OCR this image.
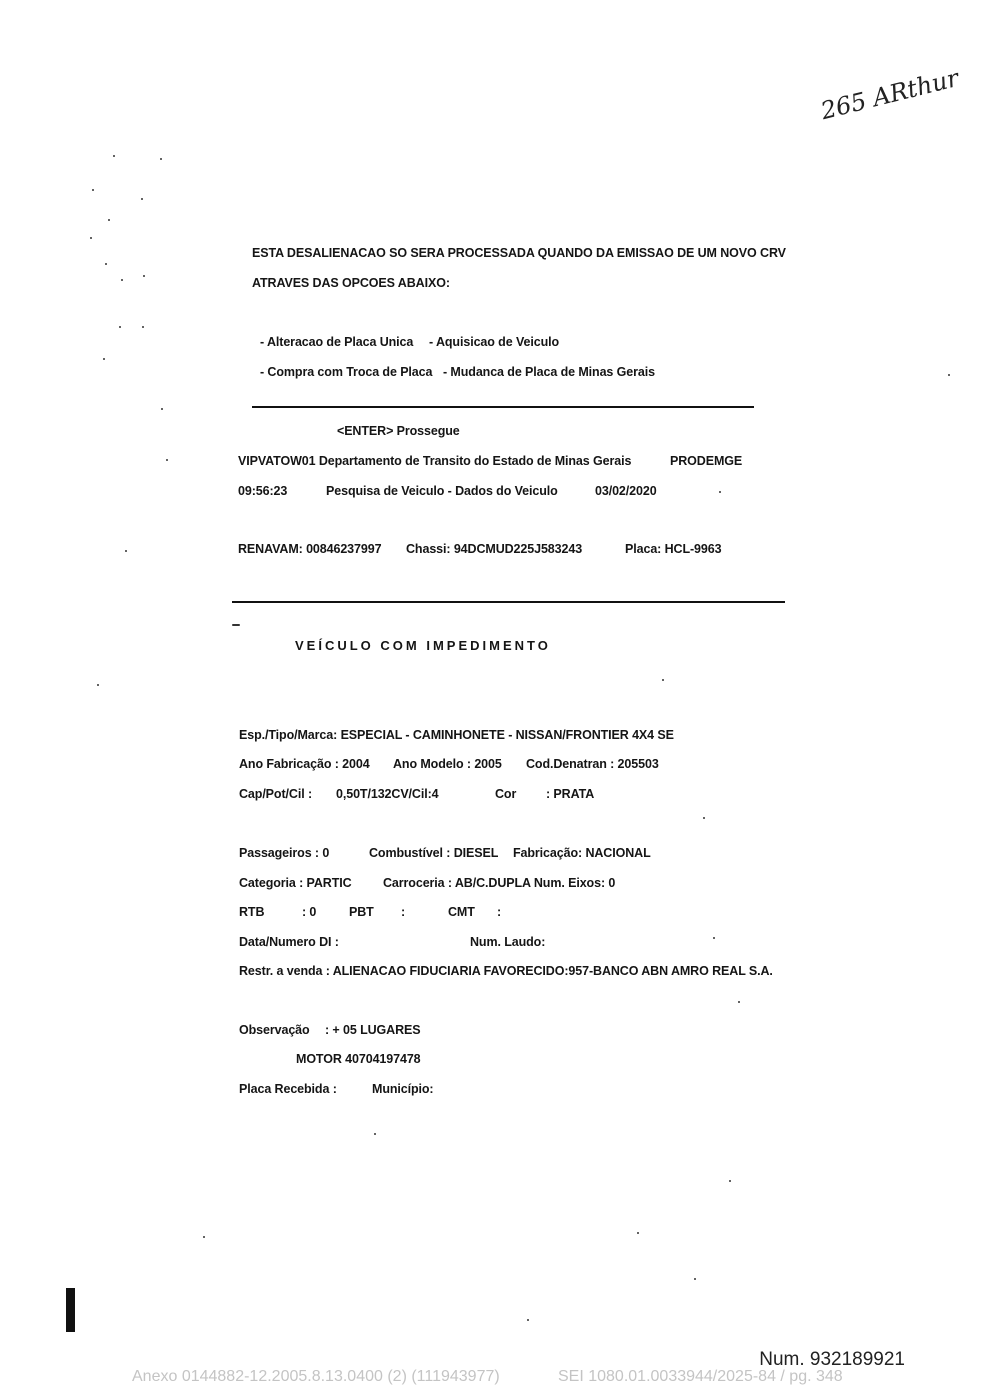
265 ARthur
ESTA DESALIENACAO SO SERA PROCESSADA QUANDO DA EMISSAO DE UM NOVO CRV
ATRAVES DAS OPCOES ABAIXO:
- Alteracao de Placa Unica - Aquisicao de Veiculo
- Compra com Troca de Placa - Mudanca de Placa de Minas Gerais
<ENTER> Prossegue
VIPVATOW01 Departamento de Transito do Estado de Minas Gerais	PRODEMGE
09:56:23	Pesquisa de Veiculo - Dados do Veiculo	03/02/2020
RENAVAM: 00846237997 Chassi: 94DCMUD225J583243	Placa: HCL-9963
VEÍCULO COM IMPEDIMENTO
Esp./Tipo/Marca: ESPECIAL - CAMINHONETE - NISSAN/FRONTIER 4X4 SE
Ano Fabricação : 2004 Ano Modelo : 2005 Cod.Denatran : 205503
Cap/Pot/Cil : 0,50T/132CV/Cil:4	Cor : PRATA
Passageiros : 0	Combustível : DIESEL Fabricação: NACIONAL
Categoria : PARTIC	Carroceria : AB/C.DUPLA Num. Eixos: 0
RTB	: 0	PBT :	CMT :
Data/Numero DI :	Num. Laudo:
Restr. a venda : ALIENACAO FIDUCIARIA FAVORECIDO:957-BANCO ABN AMRO REAL S.A.
Observação : + 05 LUGARES
MOTOR 40704197478
Placa Recebida :	Município:
Num. 932189921
Anexo 0144882-12.2005.8.13.0400 (2) (111943977)	SEI 1080.01.0033944/2025-84 / pg. 348
